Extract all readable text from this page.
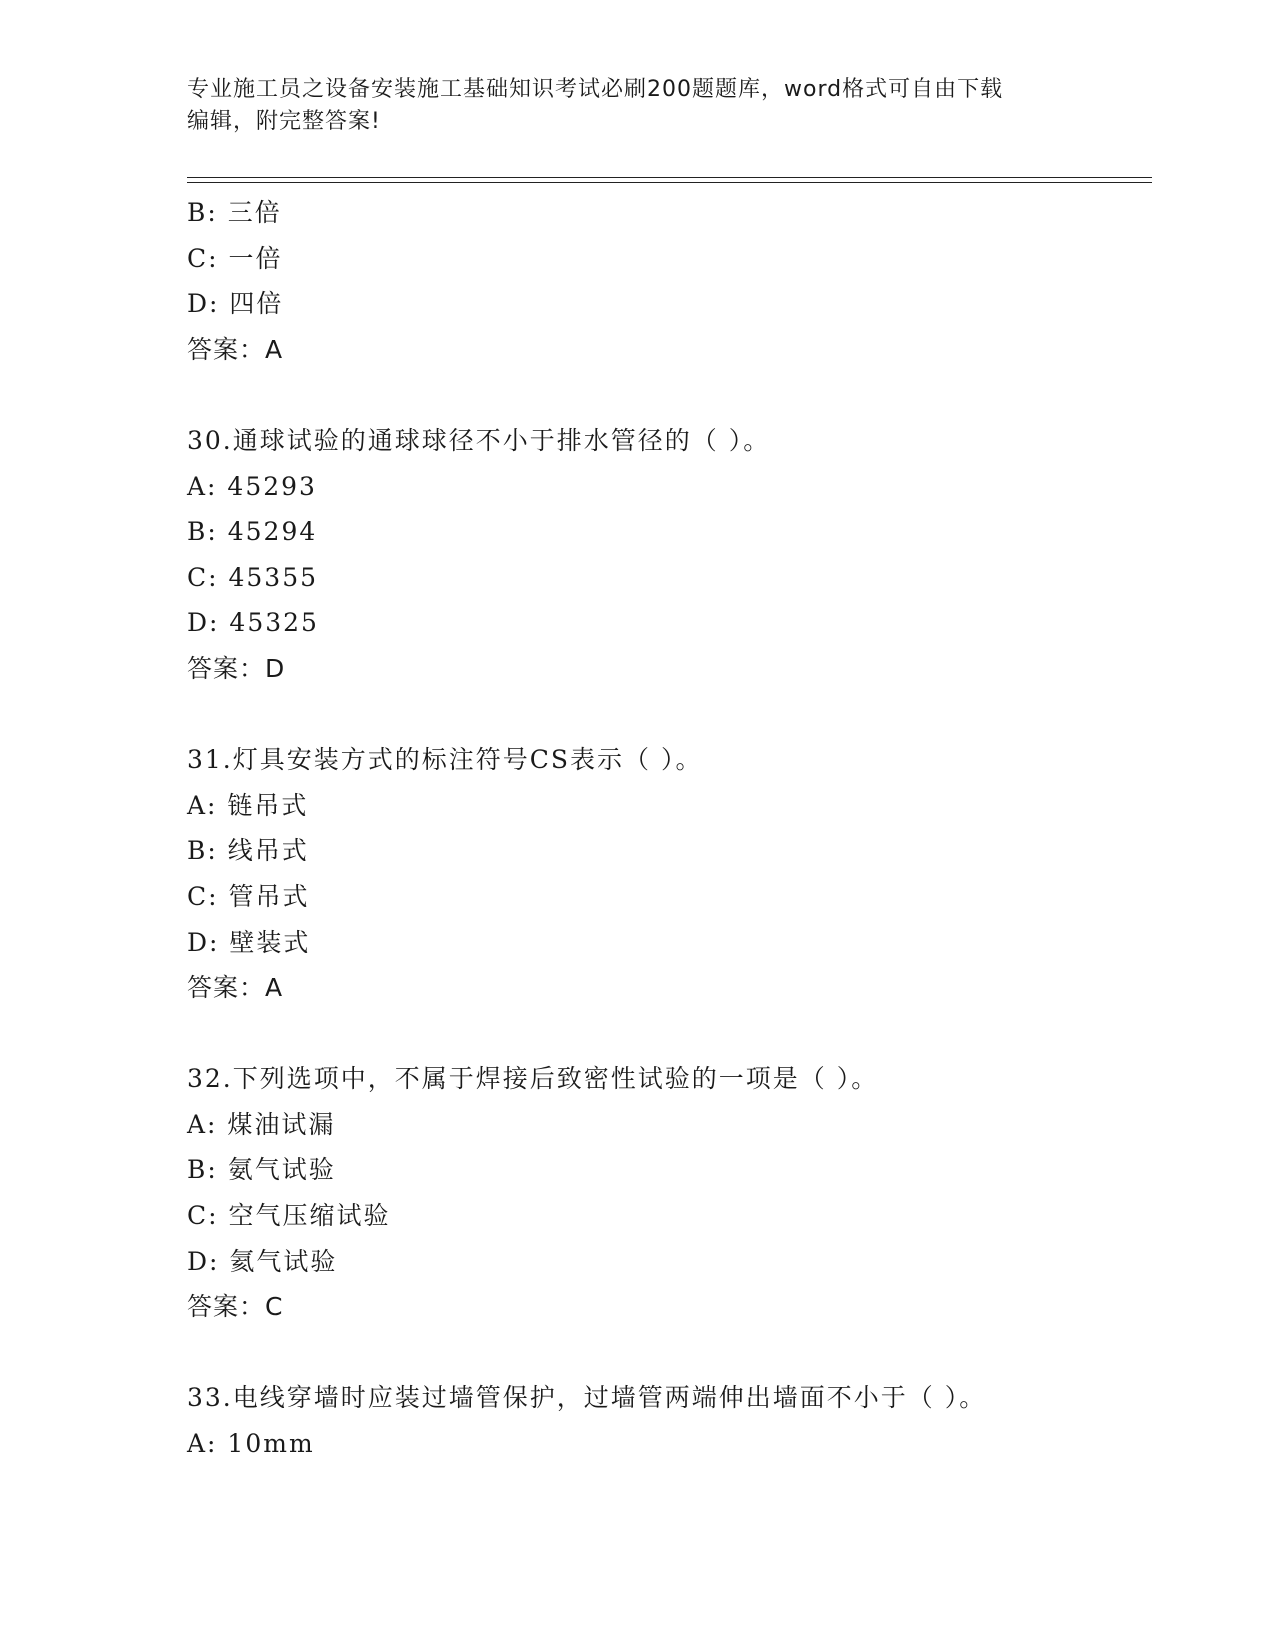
专业施工员之设备安装施工基础知识考试必刷200题题库，word格式可自由下载
编辑，附完整答案!
B: 三倍
C: 一倍
D: 四倍
答案：A
30.通球试验的通球球径不小于排水管径的（ ）。
A: 45293
B: 45294
C: 45355
D: 45325
答案：D
31.灯具安装方式的标注符号CS表示（ ）。
A: 链吊式
B: 线吊式
C: 管吊式
D: 壁装式
答案：A
32.下列选项中，不属于焊接后致密性试验的一项是（ ）。
A: 煤油试漏
B: 氨气试验
C: 空气压缩试验
D: 氦气试验
答案：C
33.电线穿墙时应装过墙管保护，过墙管两端伸出墙面不小于（ ）。
A: 10mm
